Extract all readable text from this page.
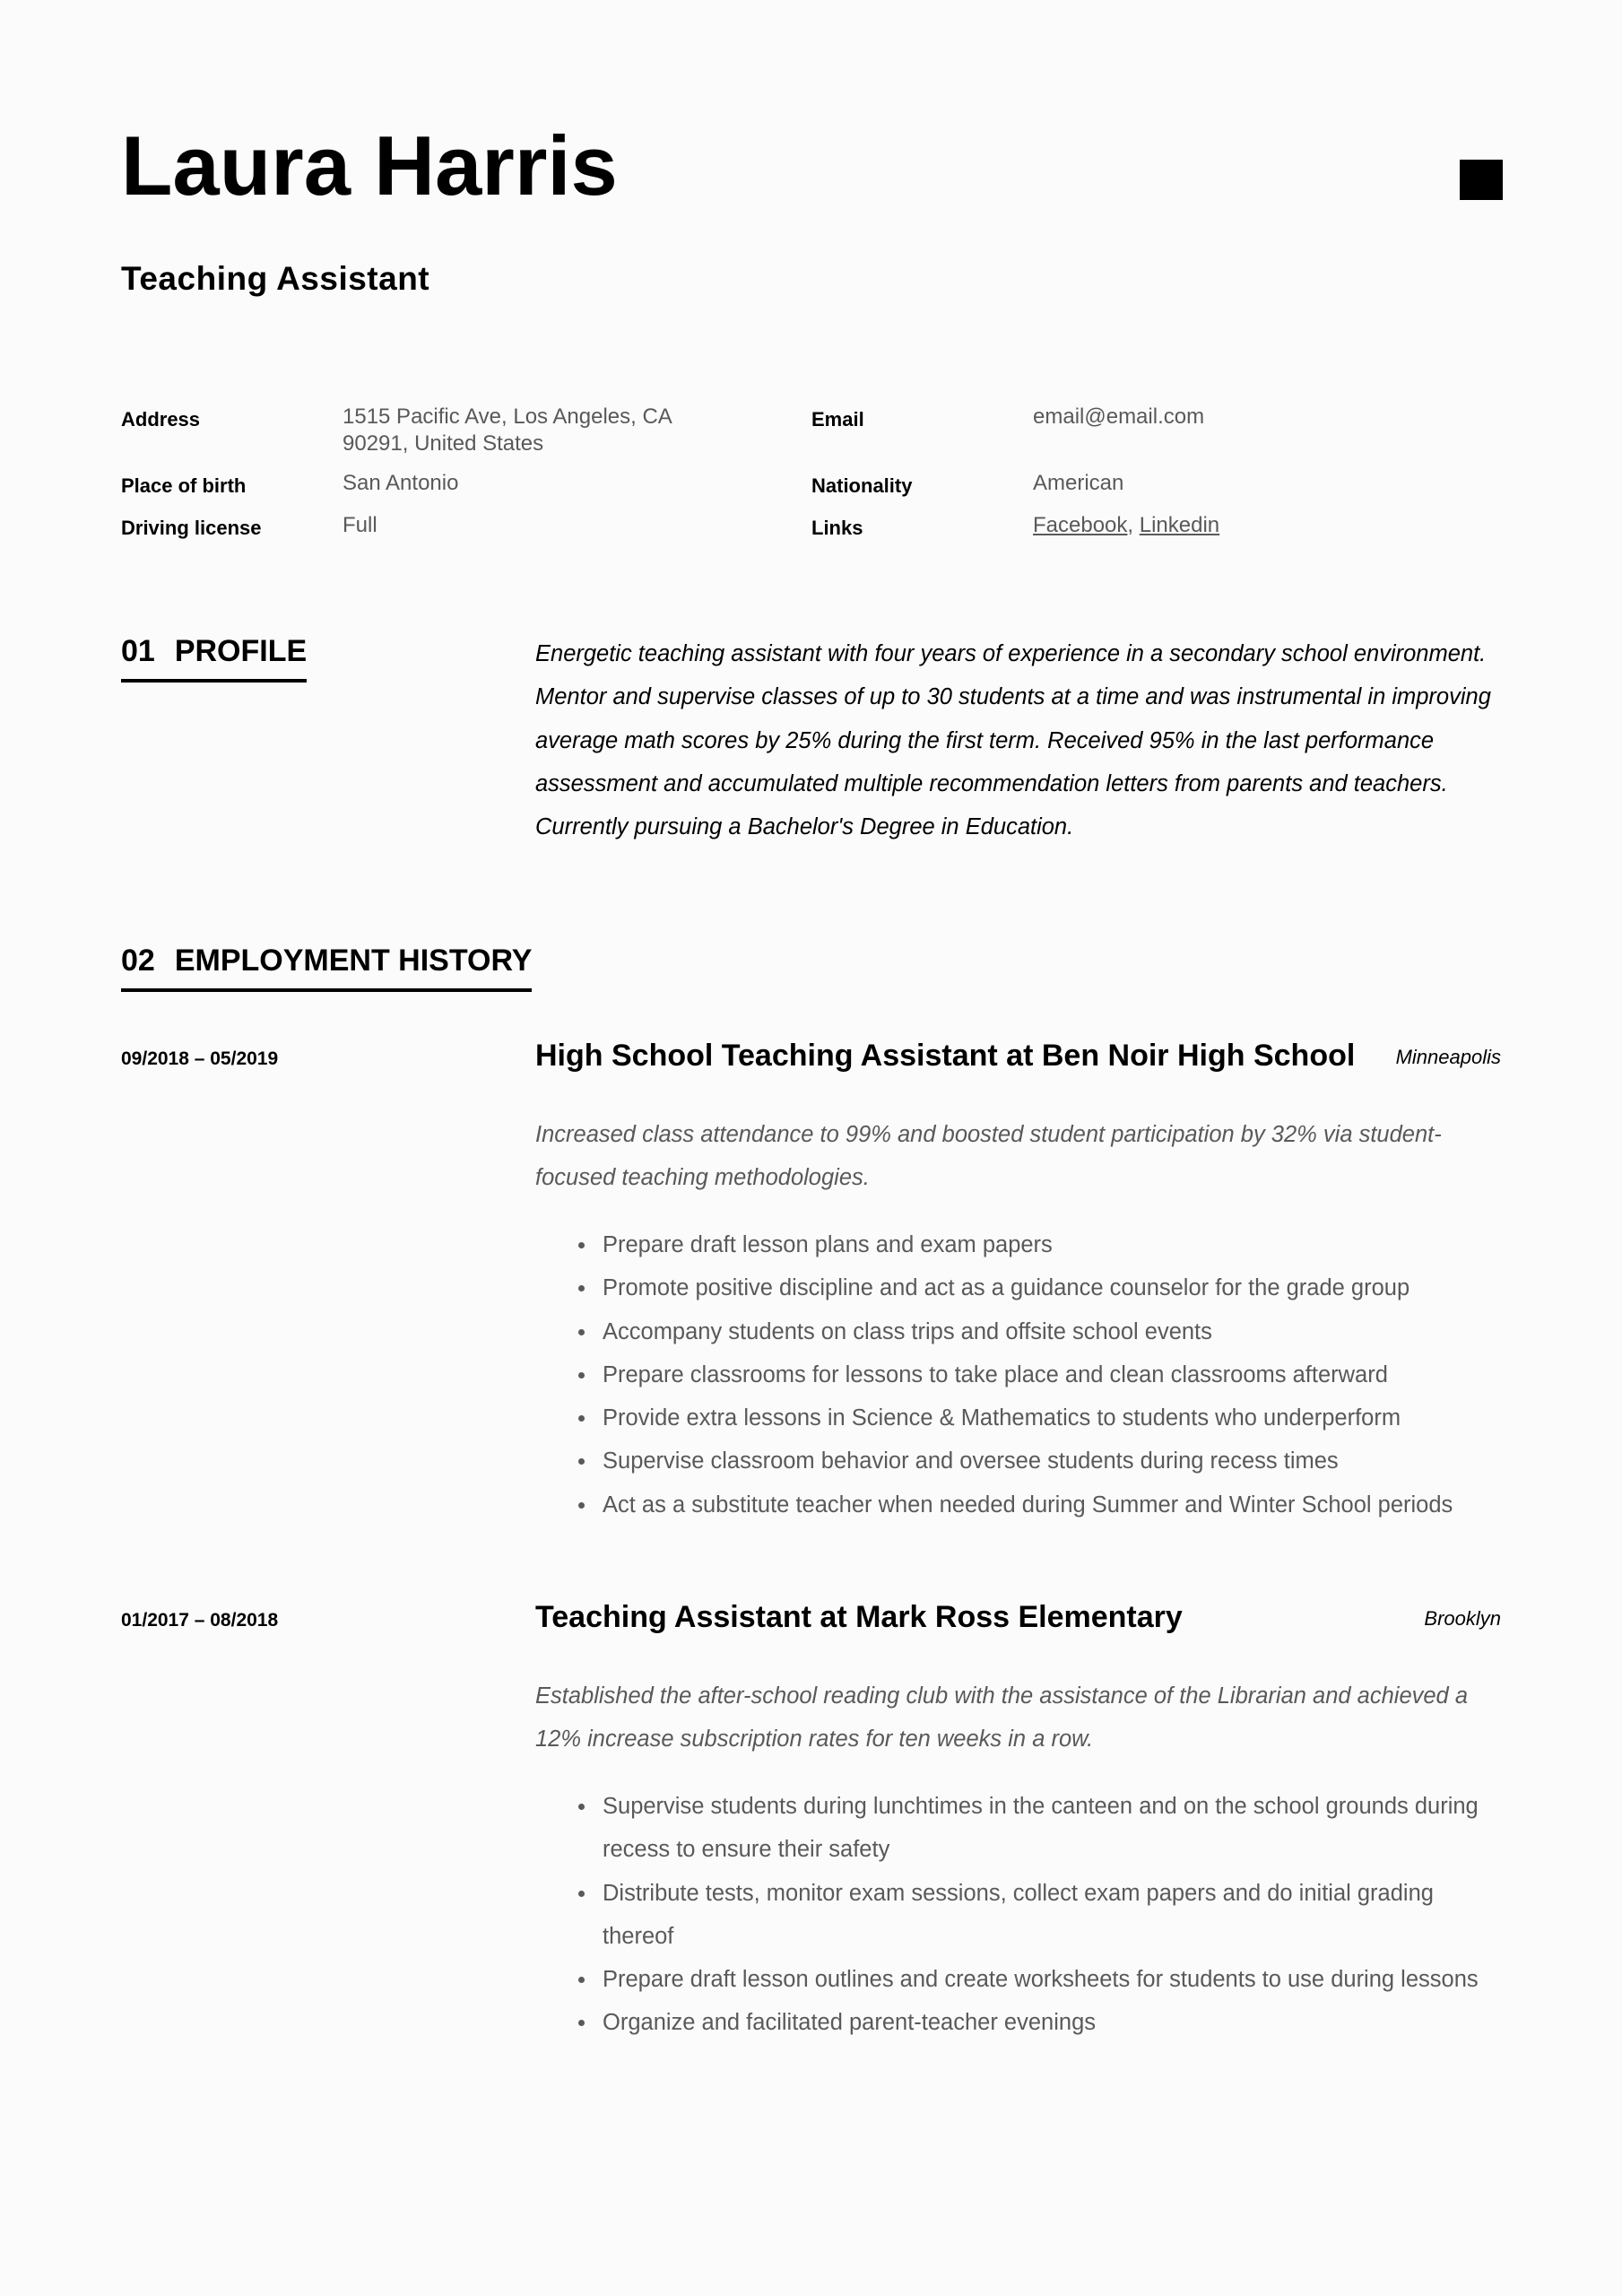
Laura Harris
Teaching Assistant
Address	1515 Pacific Ave, Los Angeles, CA
90291, United States
Place of birth	San Antonio
Driving license	Full
Email	email@email.com
Nationality	American
Links	Facebook, Linkedin
01 PROFILE	Energetic teaching assistant with four years of experience in a secondary school environment. Mentor and supervise classes of up to 30 students at a time and was instrumental in improving average math scores by 25% during the first term. Received 95% in the last performance assessment and accumulated multiple recommendation letters from parents and teachers. Currently pursuing a Bachelor's Degree in Education.

02 EMPLOYMENT HISTORY
09/2018 – 05/2019	High School Teaching Assistant at Ben Noir High School Minneapolis

Increased class attendance to 99% and boosted student participation by 32% via student-focused teaching methodologies.

Prepare draft lesson plans and exam papers
Promote positive discipline and act as a guidance counselor for the grade group
Accompany students on class trips and offsite school events
Prepare classrooms for lessons to take place and clean classrooms afterward
Provide extra lessons in Science & Mathematics to students who underperform
Supervise classroom behavior and oversee students during recess times
Act as a substitute teacher when needed during Summer and Winter School periods
01/2017 – 08/2018	Teaching Assistant at Mark Ross Elementary	Brooklyn

Established the after-school reading club with the assistance of the Librarian and achieved a 12% increase subscription rates for ten weeks in a row.

Supervise students during lunchtimes in the canteen and on the school grounds during recess to ensure their safety
Distribute tests, monitor exam sessions, collect exam papers and do initial grading thereof
Prepare draft lesson outlines and create worksheets for students to use during lessons
Organize and facilitated parent-teacher evenings
